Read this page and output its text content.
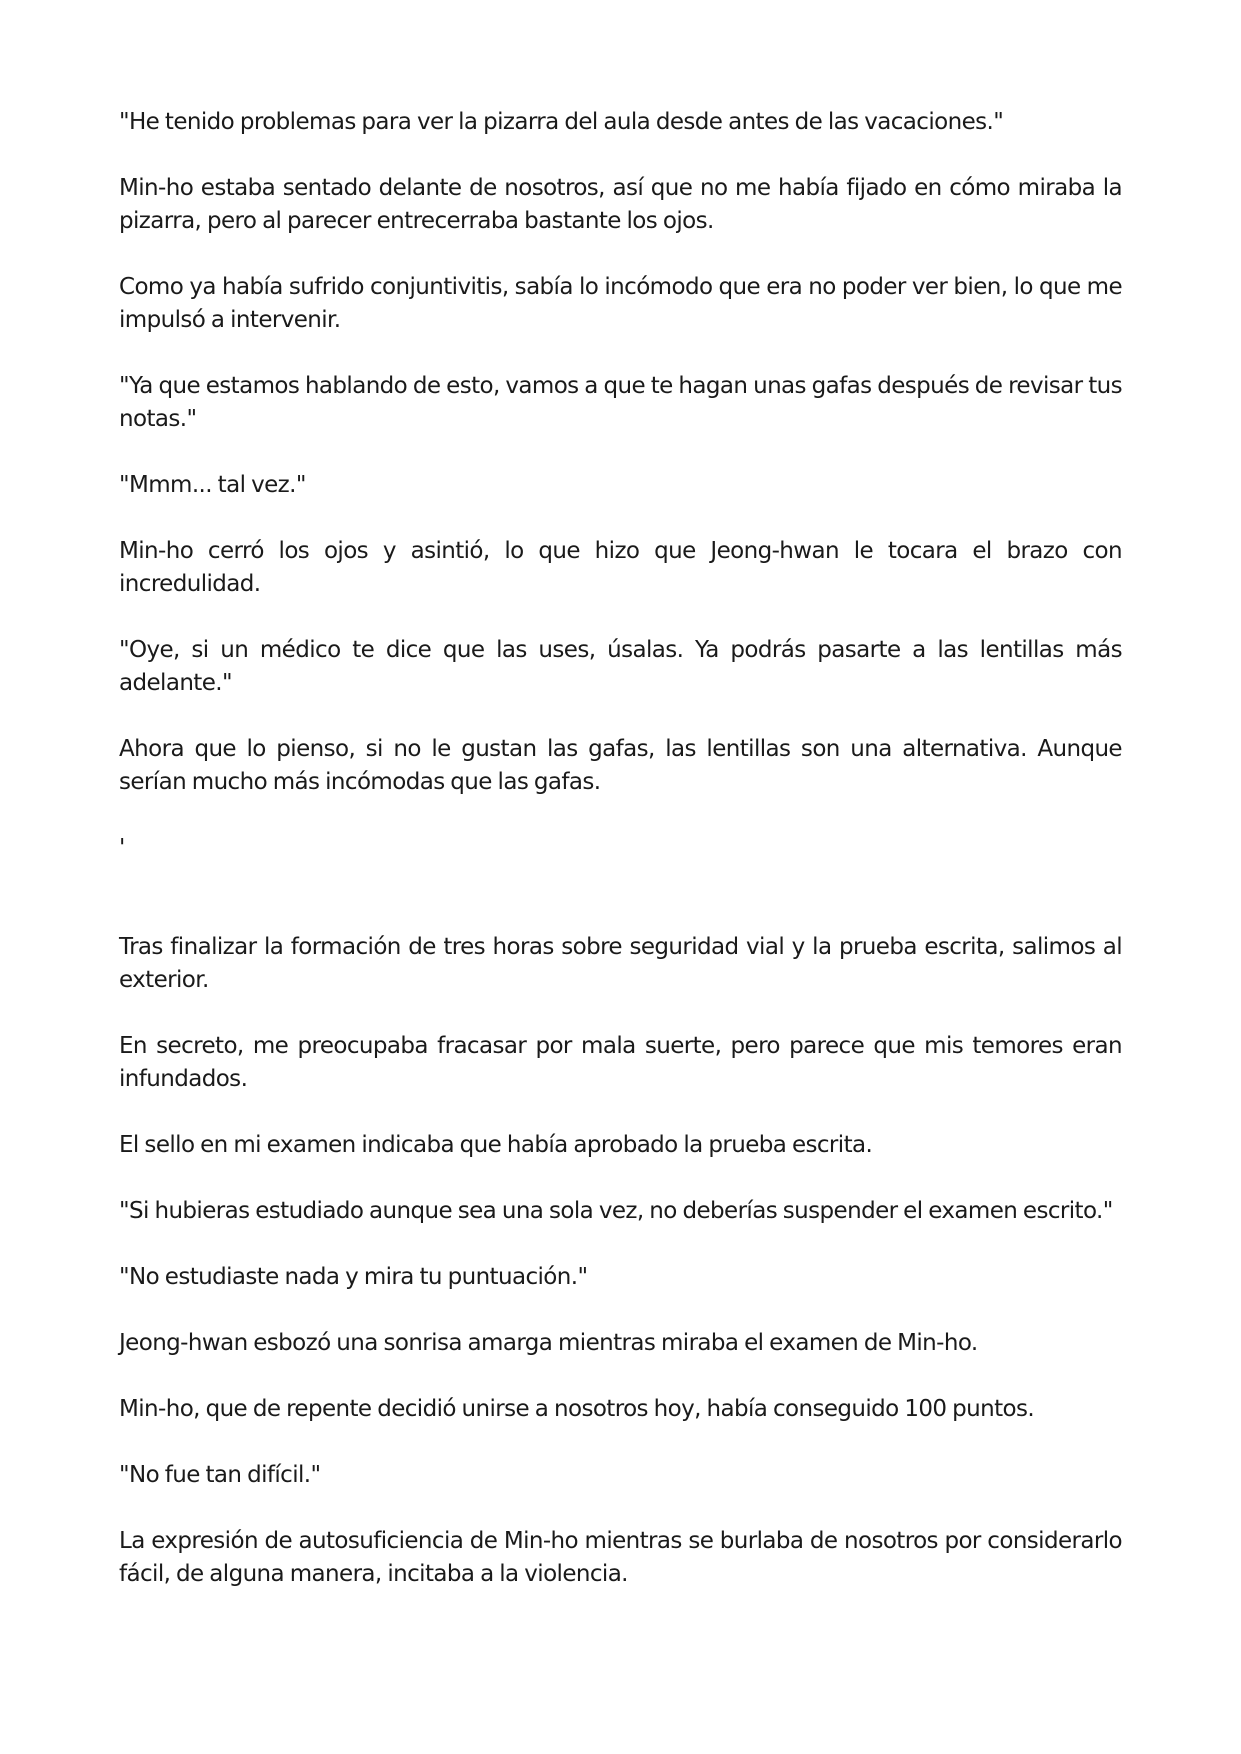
"He tenido problemas para ver la pizarra del aula desde antes de las vacaciones."

Min-ho estaba sentado delante de nosotros, así que no me había fijado en cómo miraba la pizarra, pero al parecer entrecerraba bastante los ojos.

Como ya había sufrido conjuntivitis, sabía lo incómodo que era no poder ver bien, lo que me impulsó a intervenir.

"Ya que estamos hablando de esto, vamos a que te hagan unas gafas después de revisar tus notas."

"Mmm... tal vez."

Min-ho cerró los ojos y asintió, lo que hizo que Jeong-hwan le tocara el brazo con incredulidad.

"Oye, si un médico te dice que las uses, úsalas. Ya podrás pasarte a las lentillas más adelante."

Ahora que lo pienso, si no le gustan las gafas, las lentillas son una alternativa. Aunque serían mucho más incómodas que las gafas.

'

Tras finalizar la formación de tres horas sobre seguridad vial y la prueba escrita, salimos al exterior.

En secreto, me preocupaba fracasar por mala suerte, pero parece que mis temores eran infundados.

El sello en mi examen indicaba que había aprobado la prueba escrita.

"Si hubieras estudiado aunque sea una sola vez, no deberías suspender el examen escrito."

"No estudiaste nada y mira tu puntuación."

Jeong-hwan esbozó una sonrisa amarga mientras miraba el examen de Min-ho.

Min-ho, que de repente decidió unirse a nosotros hoy, había conseguido 100 puntos.

"No fue tan difícil."

La expresión de autosuficiencia de Min-ho mientras se burlaba de nosotros por considerarlo fácil, de alguna manera, incitaba a la violencia.
